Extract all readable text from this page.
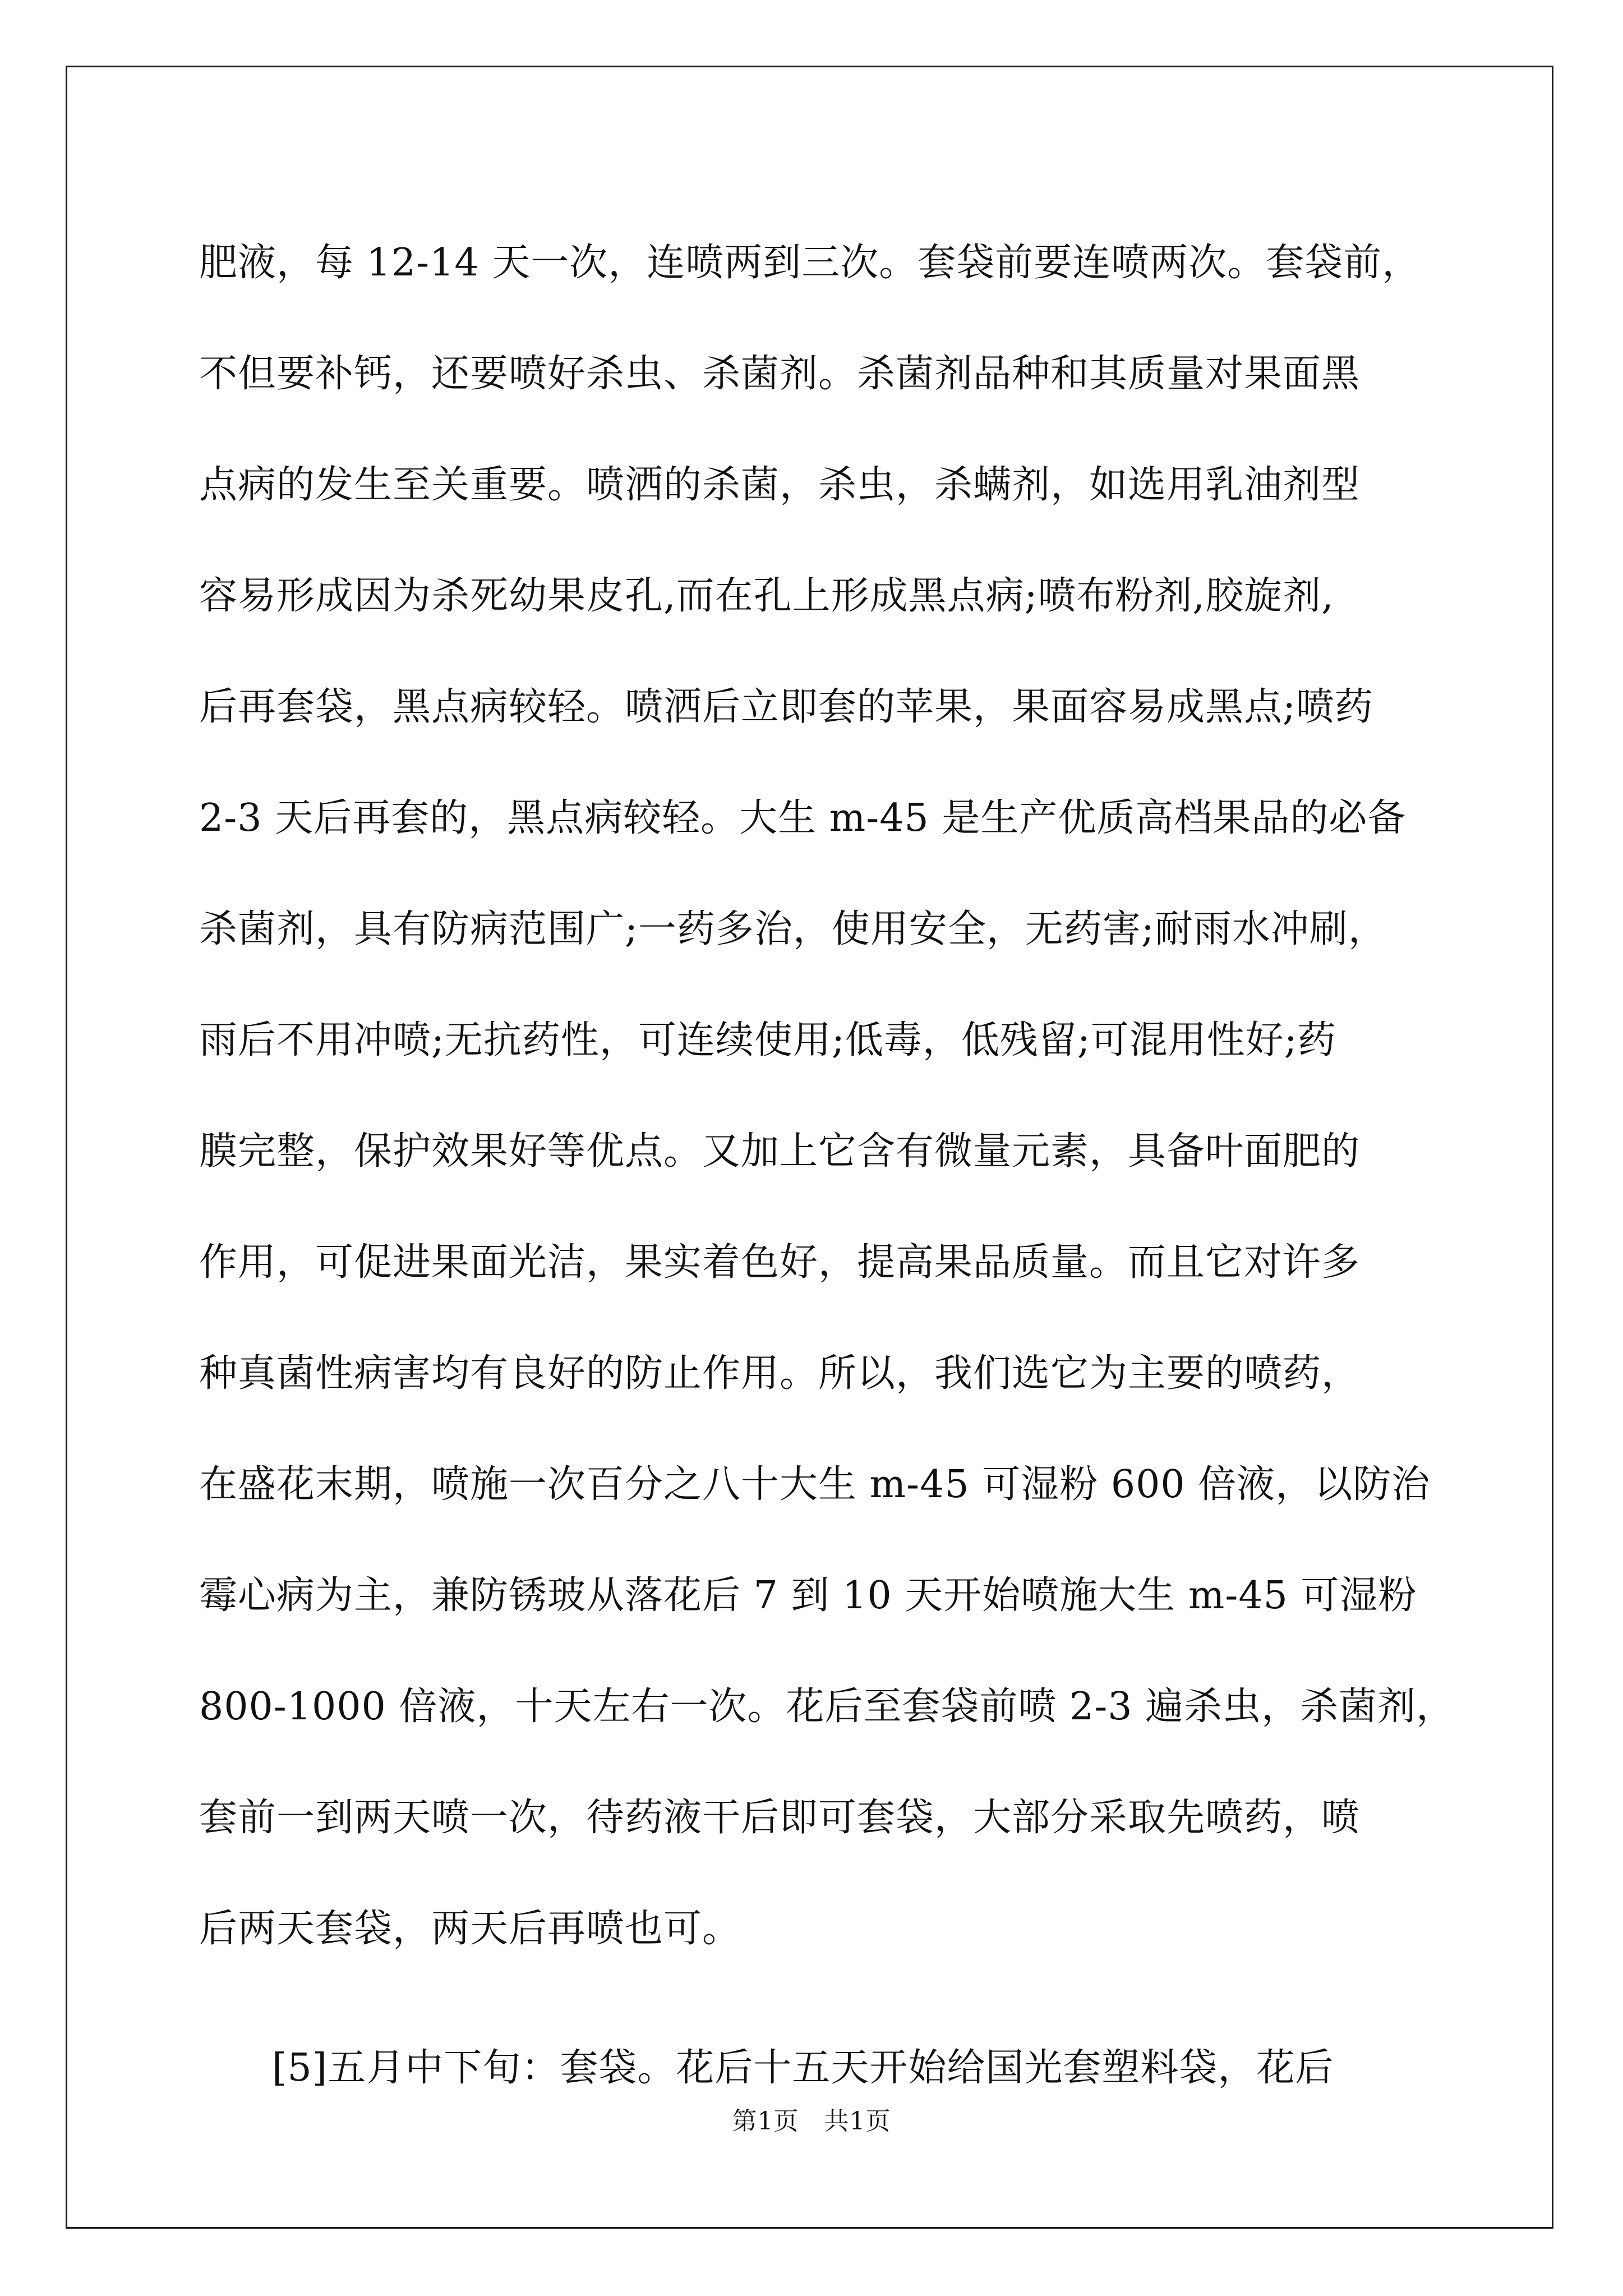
肥液，每 12-14 天一次，连喷两到三次。套袋前要连喷两次。套袋前，
不但要补钙，还要喷好杀虫、杀菌剂。杀菌剂品种和其质量对果面黑
点病的发生至关重要。喷洒的杀菌，杀虫，杀螨剂，如选用乳油剂型
容易形成因为杀死幼果皮孔,而在孔上形成黑点病;喷布粉剂,胶旋剂,
后再套袋，黑点病较轻。喷洒后立即套的苹果，果面容易成黑点;喷药
2-3 天后再套的，黑点病较轻。大生 m-45 是生产优质高档果品的必备
杀菌剂，具有防病范围广;一药多治，使用安全，无药害;耐雨水冲刷，
雨后不用冲喷;无抗药性，可连续使用;低毒，低残留;可混用性好;药
膜完整，保护效果好等优点。又加上它含有微量元素，具备叶面肥的
作用，可促进果面光洁，果实着色好，提高果品质量。而且它对许多
种真菌性病害均有良好的防止作用。所以，我们选它为主要的喷药，
在盛花末期，喷施一次百分之八十大生 m-45 可湿粉 600 倍液，以防治
霉心病为主，兼防锈玻从落花后 7 到 10 天开始喷施大生 m-45 可湿粉
800-1000 倍液，十天左右一次。花后至套袋前喷 2-3 遍杀虫，杀菌剂，
套前一到两天喷一次，待药液干后即可套袋，大部分采取先喷药，喷
后两天套袋，两天后再喷也可。
[5]五月中下旬：套袋。花后十五天开始给国光套塑料袋，花后
第1页　共1页
